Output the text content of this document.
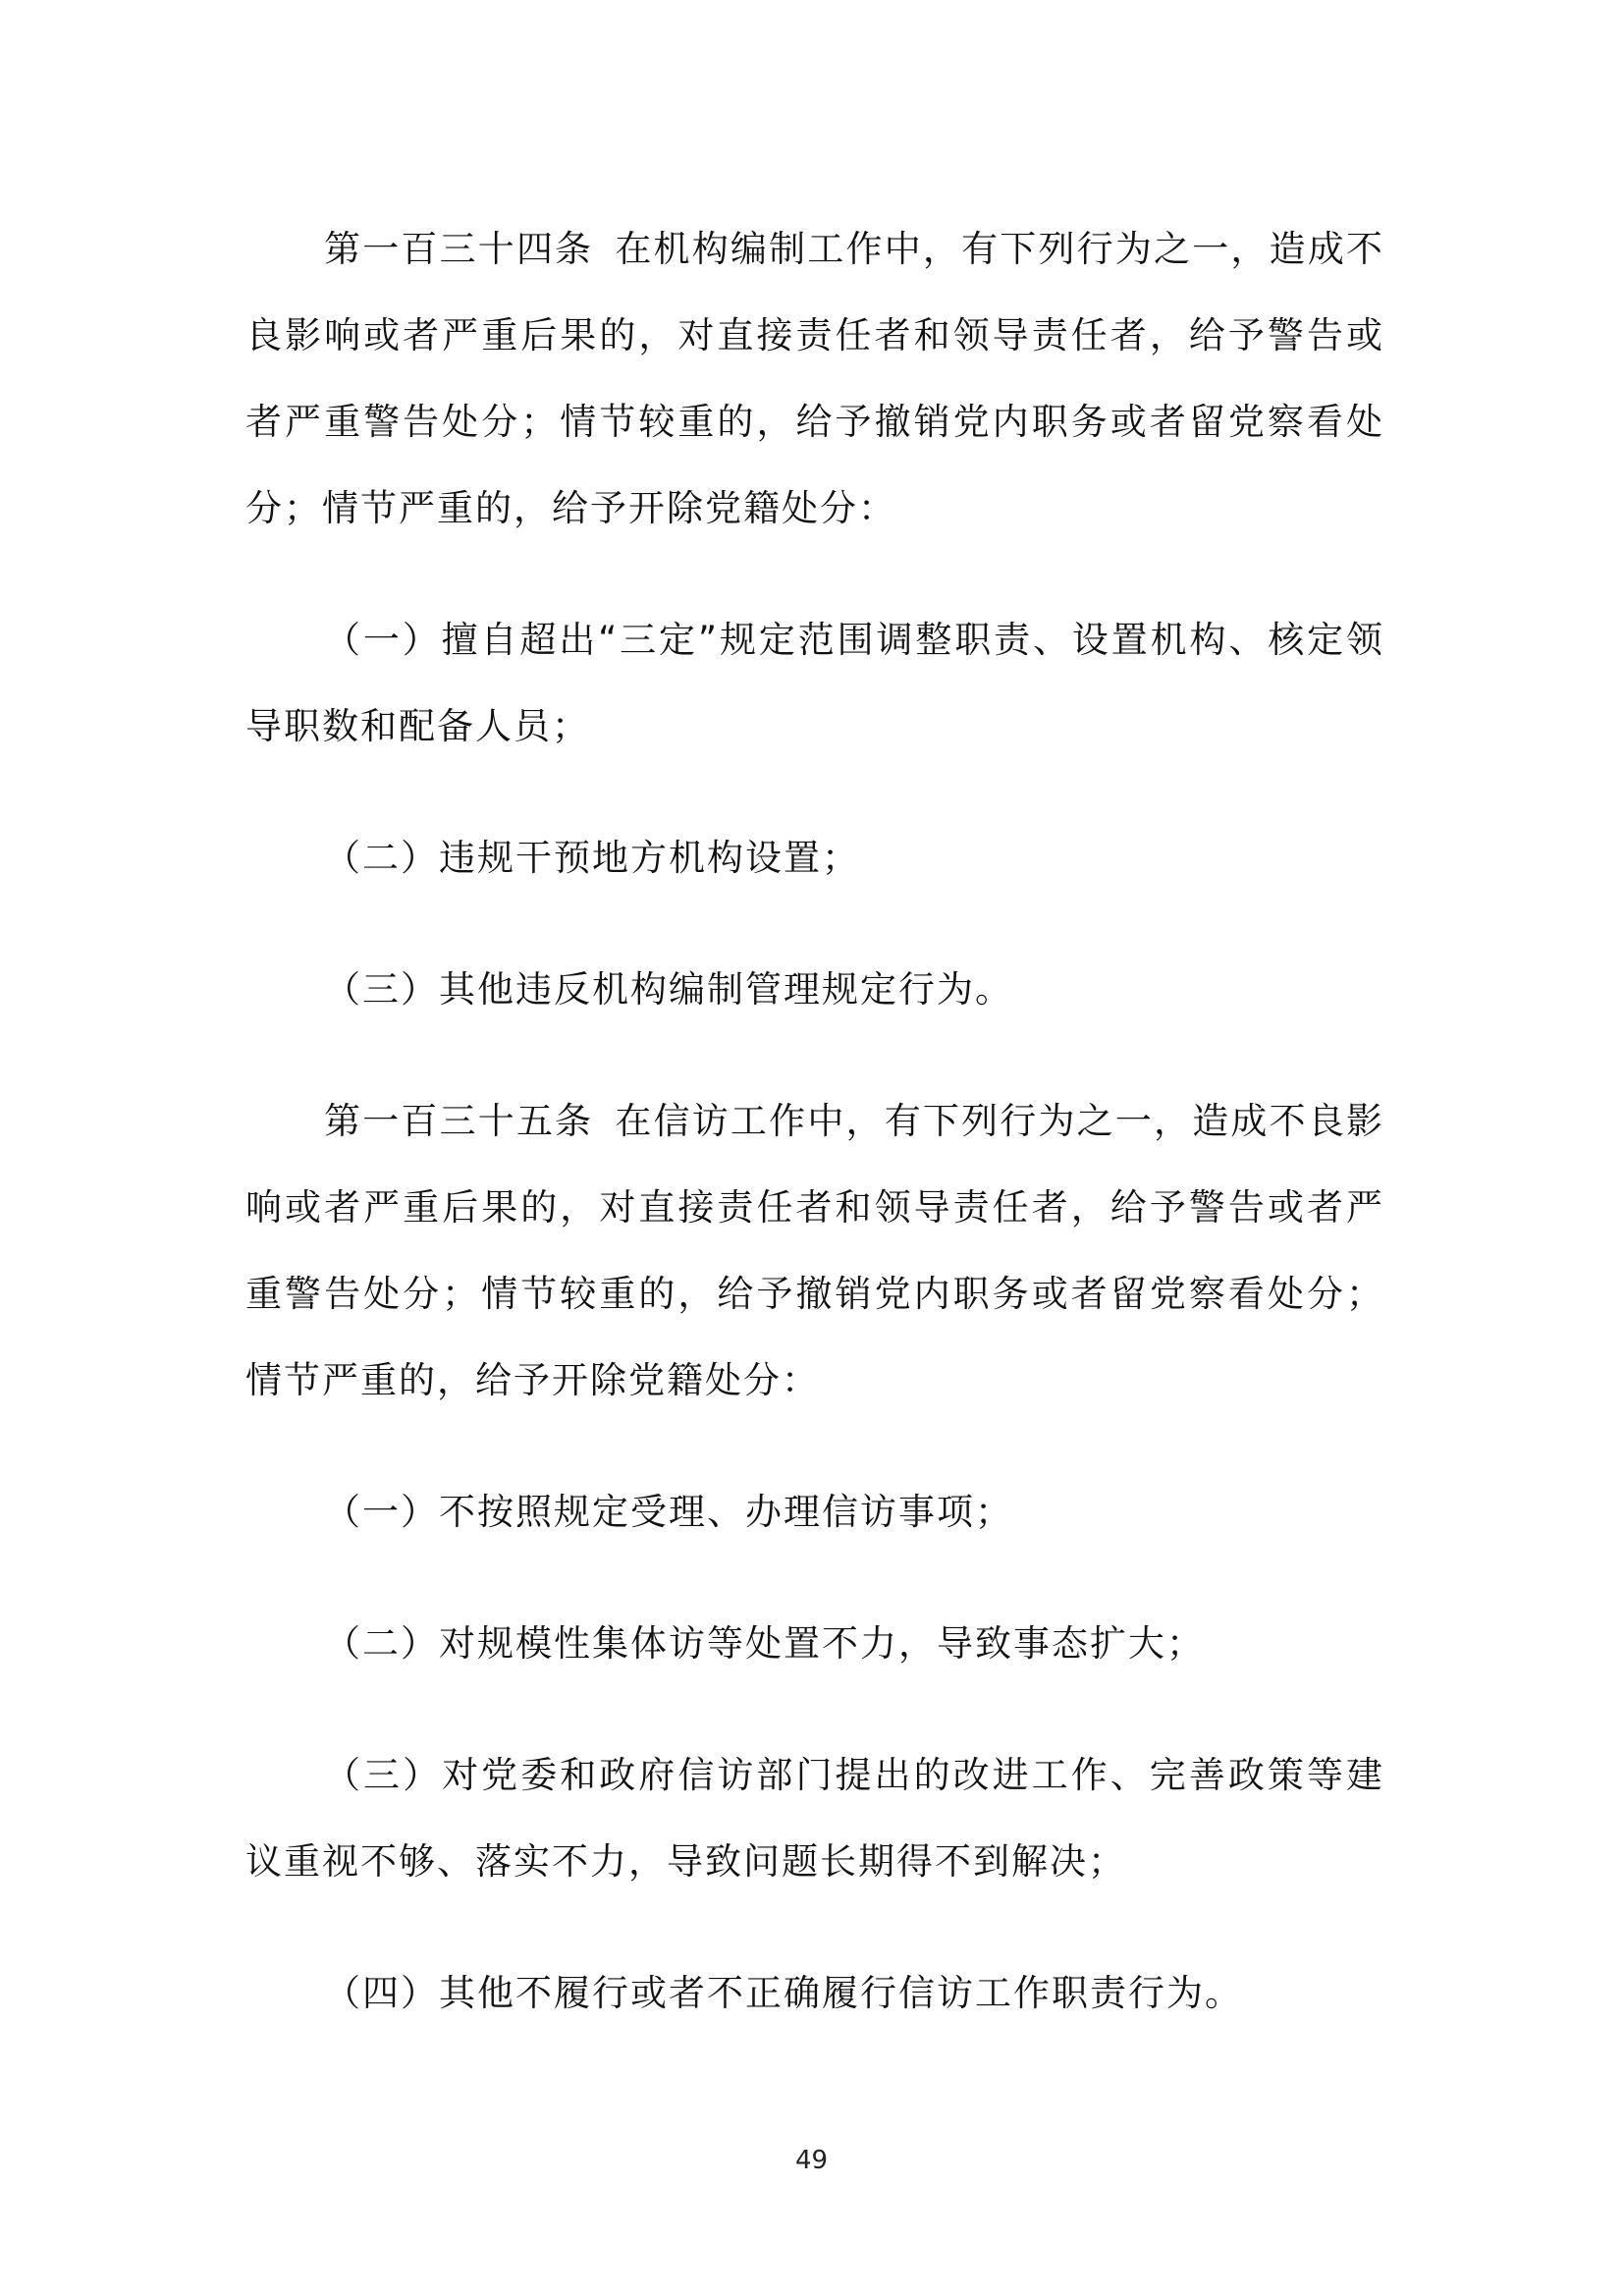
第一百三十四条 在机构编制工作中，有下列行为之一，造成不良影响或者严重后果的，对直接责任者和领导责任者，给予警告或者严重警告处分；情节较重的，给予撤销党内职务或者留党察看处分；情节严重的，给予开除党籍处分：

（一）擅自超出“三定”规定范围调整职责、设置机构、核定领导职数和配备人员；

（二）违规干预地方机构设置；

（三）其他违反机构编制管理规定行为。

第一百三十五条 在信访工作中，有下列行为之一，造成不良影响或者严重后果的，对直接责任者和领导责任者，给予警告或者严重警告处分；情节较重的，给予撤销党内职务或者留党察看处分；情节严重的，给予开除党籍处分：

（一）不按照规定受理、办理信访事项；

（二）对规模性集体访等处置不力，导致事态扩大；

（三）对党委和政府信访部门提出的改进工作、完善政策等建议重视不够、落实不力，导致问题长期得不到解决；

（四）其他不履行或者不正确履行信访工作职责行为。

49
